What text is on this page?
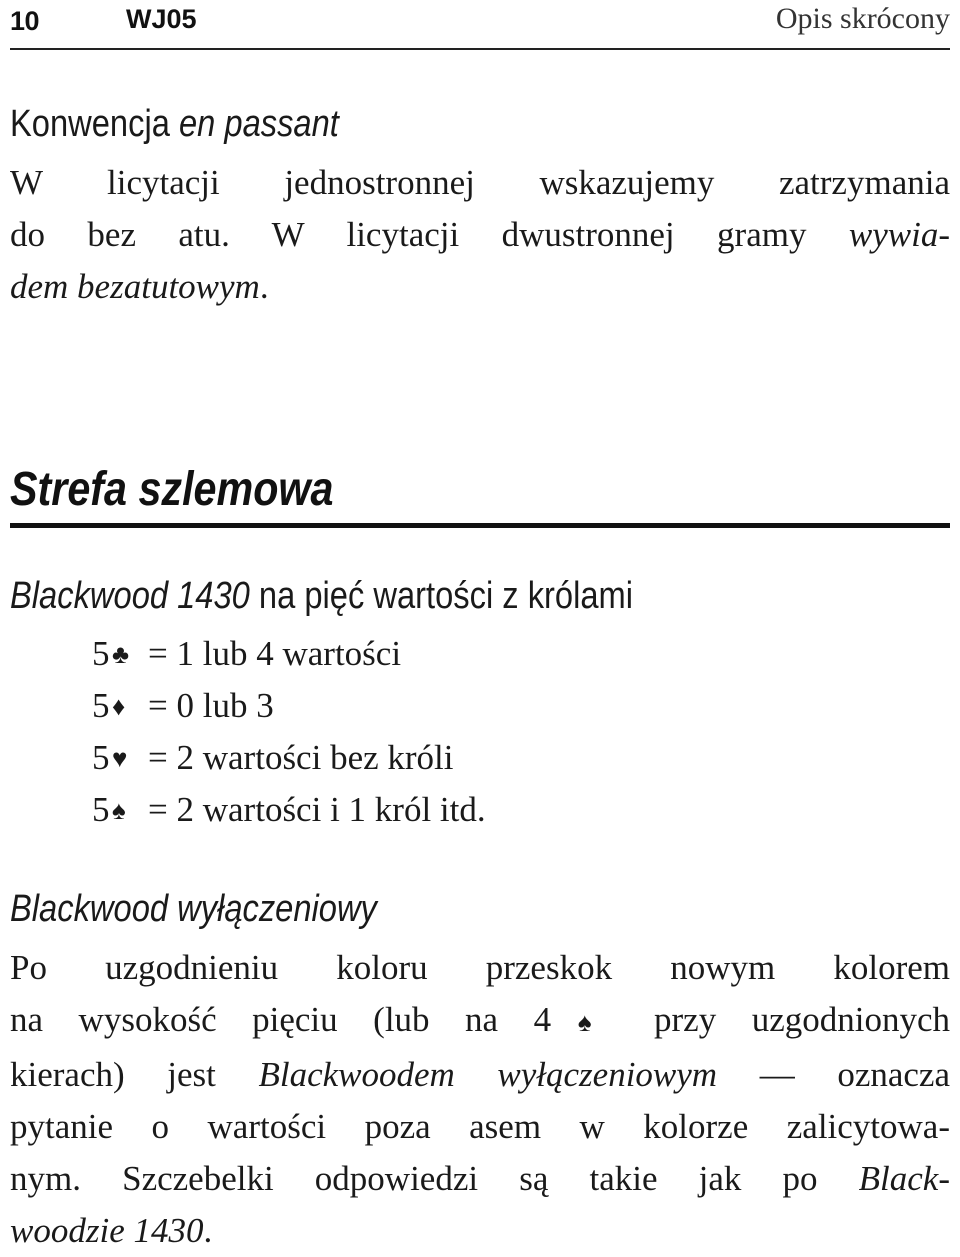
10	WJ05	Opis skrócony
Konwencja en passant
W licytacji jednostronnej wskazujemy zatrzymania
do bez atu. W licytacji dwustronnej gramy wywia-
dem bezatutowym.
Strefa szlemowa
Blackwood 1430 na pięć wartości z królami
5 ♣ = 1 lub 4 wartości
5 ♦ = 0 lub 3
5 ♥ = 2 wartości bez króli
5 ♠ = 2 wartości i 1 król itd.
Blackwood wyłączeniowy
Po uzgodnieniu koloru przeskok nowym kolorem
na wysokość pięciu (lub na 4♠ przy uzgodnionych
kierach) jest Blackwoodem wyłączeniowym — oznacza
pytanie o wartości poza asem w kolorze zalicytowa-
nym. Szczebelki odpowiedzi są takie jak po Black-
woodzie 1430.
